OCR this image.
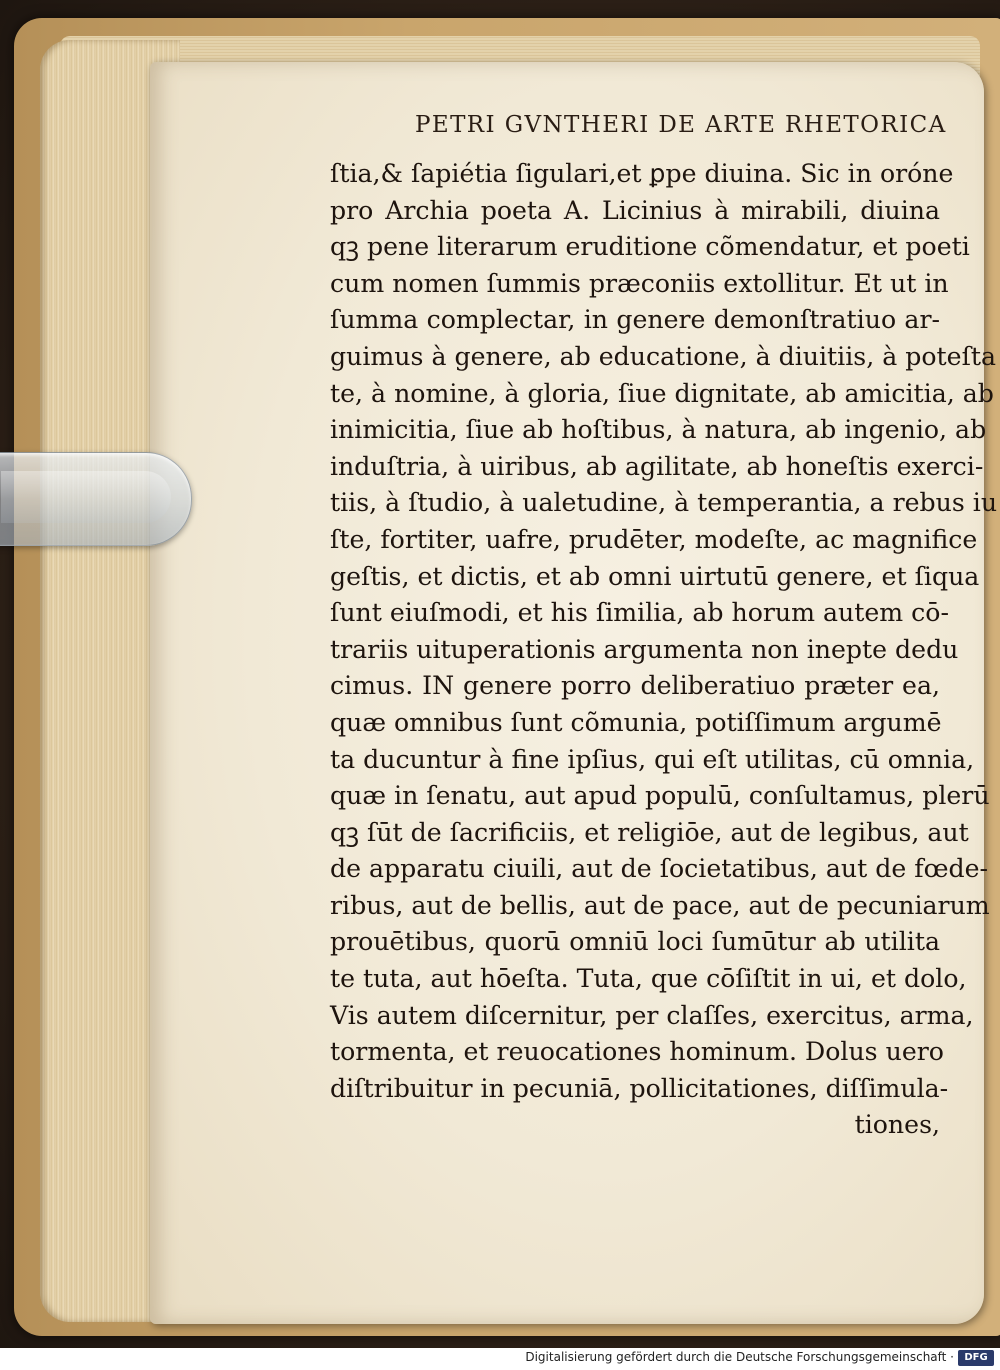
PETRI GVNTHERI DE ARTE RHETORICA
ſtia,& ſapiétia ſigulari,et ꝑpe diuina. Sic in oróne
pro Archia poeta A. Licinius à mirabili, diuina
qꝫ pene literarum eruditione cõmendatur, et poeti
cum nomen ſummis præconiis extollitur. Et ut in
ſumma complectar, in genere demonſtratiuo ar-
guimus à genere, ab educatione, à diuitiis, à poteſta
te, à nomine, à gloria, ſiue dignitate, ab amicitia, ab
inimicitia, ſiue ab hoſtibus, à natura, ab ingenio, ab
induſtria, à uiribus, ab agilitate, ab honeſtis exerci-
tiis, à ſtudio, à ualetudine, à temperantia, a rebus iu
ſte, fortiter, uafre, prudēter, modeſte, ac magnifice
geſtis, et dictis, et ab omni uirtutū genere, et ſiqua
ſunt eiuſmodi, et his ſimilia, ab horum autem cō-
trariis uituperationis argumenta non inepte dedu
cimus. IN genere porro deliberatiuo præter ea,
quæ omnibus ſunt cõmunia, potiſſimum argumē
ta ducuntur à fine ipſius, qui eſt utilitas, cū omnia,
quæ in ſenatu, aut apud populū, conſultamus, plerū
qꝫ ſūt de ſacrificiis, et religiōe, aut de legibus, aut
de apparatu ciuili, aut de ſocietatibus, aut de fœde-
ribus, aut de bellis, aut de pace, aut de pecuniarum
prouētibus, quorū omniū loci ſumūtur ab utilita
te tuta, aut hōeſta. Tuta, que cōſiſtit in ui, et dolo,
Vis autem diſcernitur, per claſſes, exercitus, arma,
tormenta, et reuocationes hominum. Dolus uero
diſtribuitur in pecuniā, pollicitationes, diſſimula-
tiones,
Digitalisierung gefördert durch die Deutsche Forschungsgemeinschaft ·	DFG
